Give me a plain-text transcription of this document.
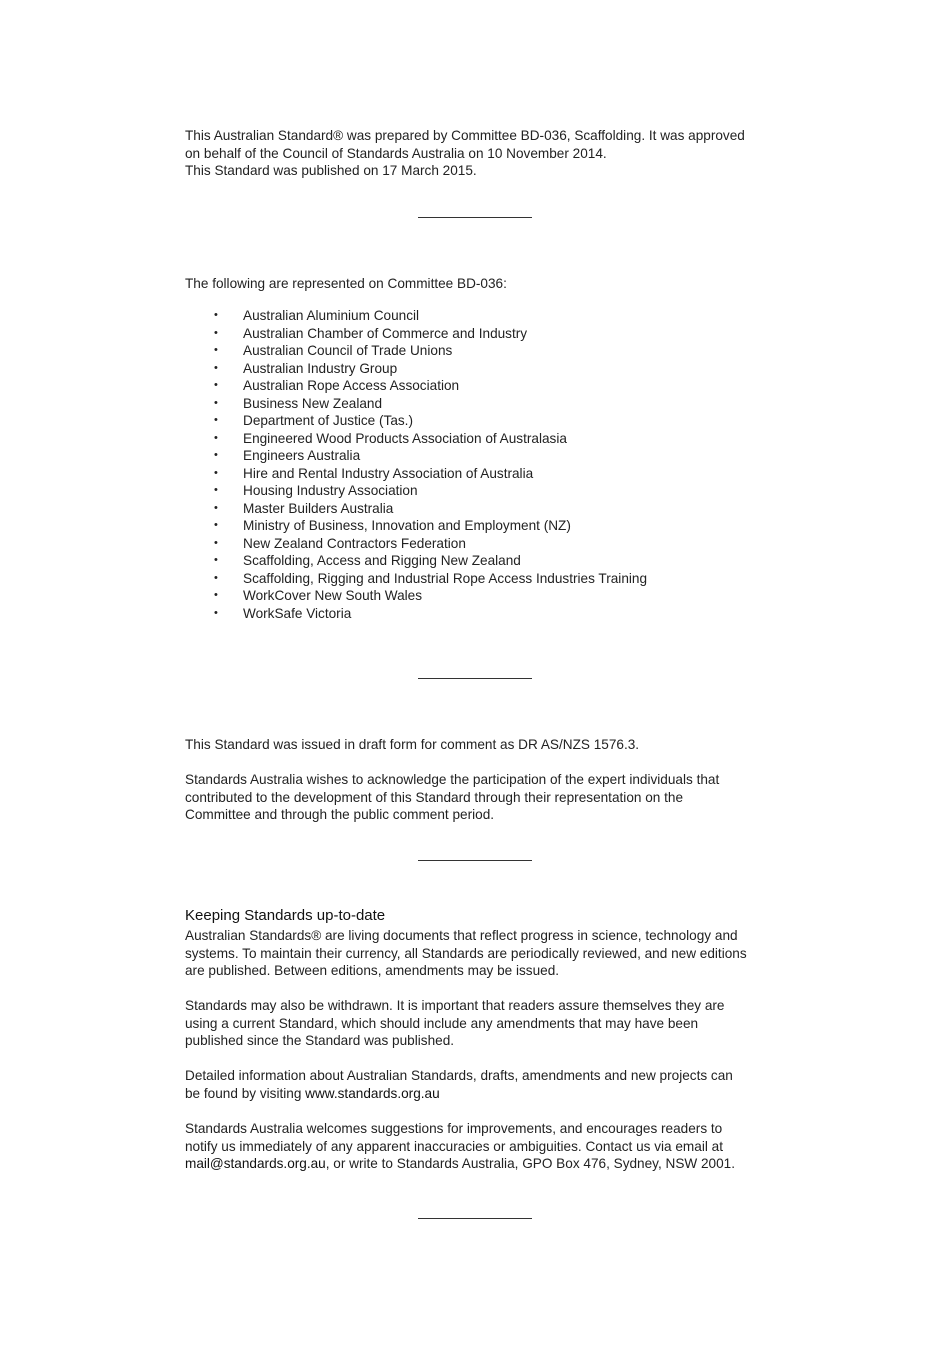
This Australian Standard® was prepared by Committee BD-036, Scaffolding. It was approved

on behalf of the Council of Standards Australia on 10 November 2014.

This Standard was published on 17 March 2015.

The following are represented on Committee BD-036:

• Australian Aluminium Council
• Australian Chamber of Commerce and Industry
• Australian Council of Trade Unions
• Australian Industry Group
• Australian Rope Access Association
• Business New Zealand
• Department of Justice (Tas.)
• Engineered Wood Products Association of Australasia
• Engineers Australia
• Hire and Rental Industry Association of Australia
• Housing Industry Association
• Master Builders Australia
• Ministry of Business, Innovation and Employment (NZ)
• New Zealand Contractors Federation
• Scaffolding, Access and Rigging New Zealand
• Scaffolding, Rigging and Industrial Rope Access Industries Training
• WorkCover New South Wales
• WorkSafe Victoria

This Standard was issued in draft form for comment as DR AS/NZS 1576.3.

Standards Australia wishes to acknowledge the participation of the expert individuals that

contributed to the development of this Standard through their representation on the

Committee and through the public comment period.

Keeping Standards up-to-date

Australian Standards® are living documents that reflect progress in science, technology and

systems. To maintain their currency, all Standards are periodically reviewed, and new editions

are published. Between editions, amendments may be issued.

Standards may also be withdrawn. It is important that readers assure themselves they are

using a current Standard, which should include any amendments that may have been

published since the Standard was published.

Detailed information about Australian Standards, drafts, amendments and new projects can

be found by visiting www.standards.org.au

Standards Australia welcomes suggestions for improvements, and encourages readers to

notify us immediately of any apparent inaccuracies or ambiguities. Contact us via email at

mail@standards.org.au, or write to Standards Australia, GPO Box 476, Sydney, NSW 2001.
